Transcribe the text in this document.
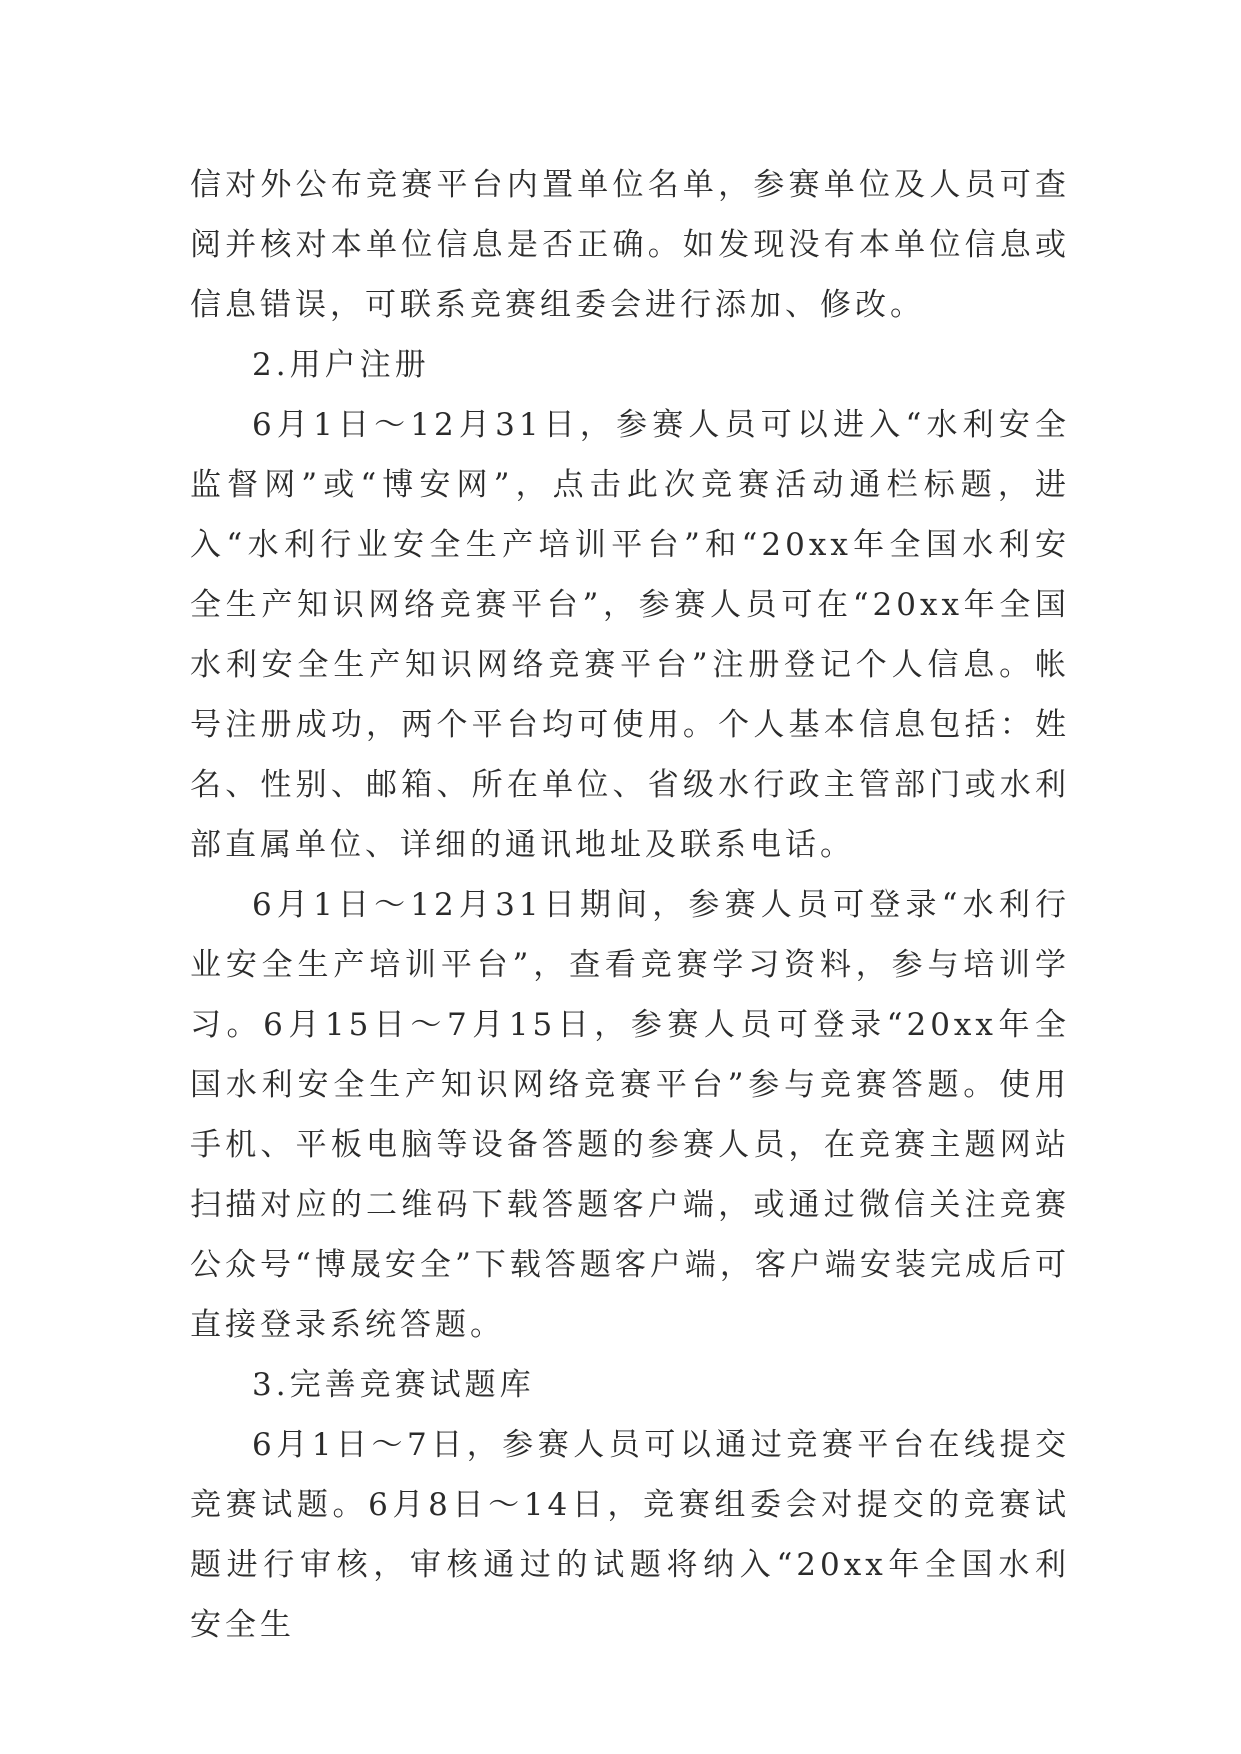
信对外公布竞赛平台内置单位名单，参赛单位及人员可查阅并核对本单位信息是否正确。如发现没有本单位信息或信息错误，可联系竞赛组委会进行添加、修改。

2.用户注册

6月1日～12月31日，参赛人员可以进入“水利安全监督网”或“博安网”，点击此次竞赛活动通栏标题，进入“水利行业安全生产培训平台”和“20xx年全国水利安全生产知识网络竞赛平台”，参赛人员可在“20xx年全国水利安全生产知识网络竞赛平台”注册登记个人信息。帐号注册成功，两个平台均可使用。个人基本信息包括：姓名、性别、邮箱、所在单位、省级水行政主管部门或水利部直属单位、详细的通讯地址及联系电话。

6月1日～12月31日期间，参赛人员可登录“水利行业安全生产培训平台”，查看竞赛学习资料，参与培训学习。6月15日～7月15日，参赛人员可登录“20xx年全国水利安全生产知识网络竞赛平台”参与竞赛答题。使用手机、平板电脑等设备答题的参赛人员，在竞赛主题网站扫描对应的二维码下载答题客户端，或通过微信关注竞赛公众号“博晟安全”下载答题客户端，客户端安装完成后可直接登录系统答题。

3.完善竞赛试题库

6月1日～7日，参赛人员可以通过竞赛平台在线提交竞赛试题。6月8日～14日，竞赛组委会对提交的竞赛试题进行审核，审核通过的试题将纳入“20xx年全国水利安全生
